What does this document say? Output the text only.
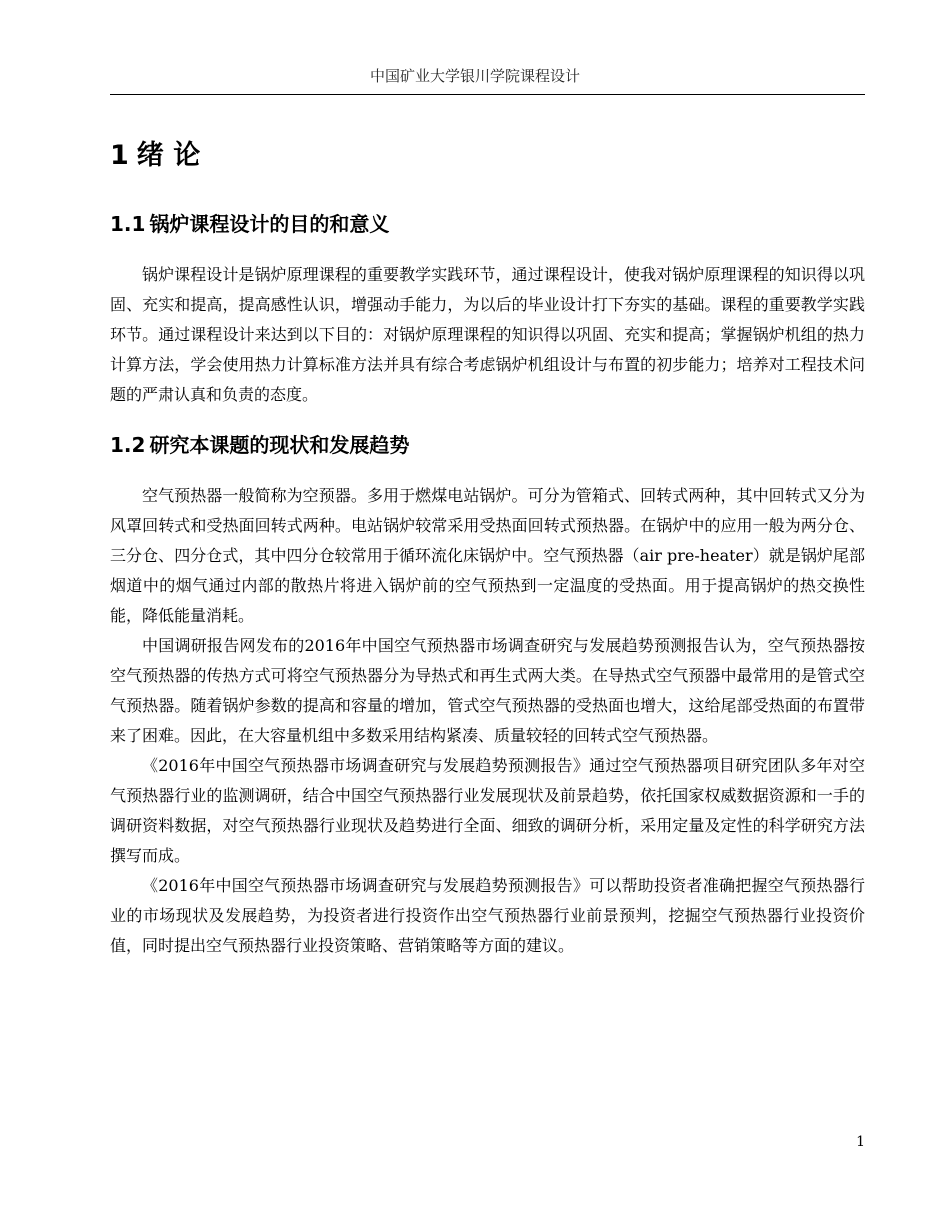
中国矿业大学银川学院课程设计
1 绪 论
1.1 锅炉课程设计的目的和意义

锅炉课程设计是锅炉原理课程的重要教学实践环节，通过课程设计，使我对锅炉原理课程的知识得以巩固、充实和提高，提高感性认识，增强动手能力，为以后的毕业设计打下夯实的基础。课程的重要教学实践环节。通过课程设计来达到以下目的：对锅炉原理课程的知识得以巩固、充实和提高；掌握锅炉机组的热力计算方法，学会使用热力计算标准方法并具有综合考虑锅炉机组设计与布置的初步能力；培养对工程技术问题的严肃认真和负责的态度。

1.2 研究本课题的现状和发展趋势

空气预热器一般简称为空预器。多用于燃煤电站锅炉。可分为管箱式、回转式两种，其中回转式又分为风罩回转式和受热面回转式两种。电站锅炉较常采用受热面回转式预热器。在锅炉中的应用一般为两分仓、三分仓、四分仓式，其中四分仓较常用于循环流化床锅炉中。空气预热器（air pre-heater）就是锅炉尾部烟道中的烟气通过内部的散热片将进入锅炉前的空气预热到一定温度的受热面。用于提高锅炉的热交换性能，降低能量消耗。

中国调研报告网发布的2016年中国空气预热器市场调查研究与发展趋势预测报告认为，空气预热器按空气预热器的传热方式可将空气预热器分为导热式和再生式两大类。在导热式空气预器中最常用的是管式空气预热器。随着锅炉参数的提高和容量的增加，管式空气预热器的受热面也增大，这给尾部受热面的布置带来了困难。因此，在大容量机组中多数采用结构紧凑、质量较轻的回转式空气预热器。

《2016年中国空气预热器市场调查研究与发展趋势预测报告》通过空气预热器项目研究团队多年对空气预热器行业的监测调研，结合中国空气预热器行业发展现状及前景趋势，依托国家权威数据资源和一手的调研资料数据，对空气预热器行业现状及趋势进行全面、细致的调研分析，采用定量及定性的科学研究方法撰写而成。

《2016年中国空气预热器市场调查研究与发展趋势预测报告》可以帮助投资者准确把握空气预热器行业的市场现状及发展趋势，为投资者进行投资作出空气预热器行业前景预判，挖掘空气预热器行业投资价值，同时提出空气预热器行业投资策略、营销策略等方面的建议。

1
